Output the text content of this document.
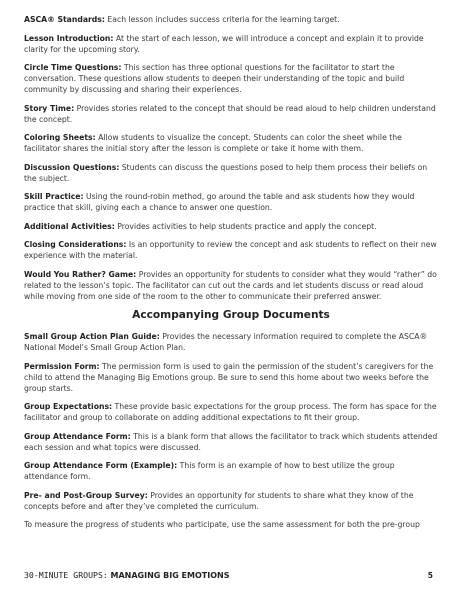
ASCA® Standards: Each lesson includes success criteria for the learning target.

Lesson Introduction: At the start of each lesson, we will introduce a concept and explain it to provide clarity for the upcoming story.

Circle Time Questions: This section has three optional questions for the facilitator to start the conversation. These questions allow students to deepen their understanding of the topic and build community by discussing and sharing their experiences.

Story Time: Provides stories related to the concept that should be read aloud to help children understand the concept.

Coloring Sheets: Allow students to visualize the concept. Students can color the sheet while the facilitator shares the initial story after the lesson is complete or take it home with them.

Discussion Questions: Students can discuss the questions posed to help them process their beliefs on the subject.

Skill Practice: Using the round-robin method, go around the table and ask students how they would practice that skill, giving each a chance to answer one question.

Additional Activities: Provides activities to help students practice and apply the concept.

Closing Considerations: Is an opportunity to review the concept and ask students to reflect on their new experience with the material.

Would You Rather? Game: Provides an opportunity for students to consider what they would “rather” do related to the lesson’s topic. The facilitator can cut out the cards and let students discuss or read aloud while moving from one side of the room to the other to communicate their preferred answer.

Accompanying Group Documents

Small Group Action Plan Guide: Provides the necessary information required to complete the ASCA® National Model’s Small Group Action Plan.

Permission Form: The permission form is used to gain the permission of the student’s caregivers for the child to attend the Managing Big Emotions group. Be sure to send this home about two weeks before the group starts.

Group Expectations: These provide basic expectations for the group process. The form has space for the facilitator and group to collaborate on adding additional expectations to fit their group.

Group Attendance Form: This is a blank form that allows the facilitator to track which students attended each session and what topics were discussed.

Group Attendance Form (Example): This form is an example of how to best utilize the group attendance form.

Pre- and Post-Group Survey: Provides an opportunity for students to share what they know of the concepts before and after they’ve completed the curriculum.

To measure the progress of students who participate, use the same assessment for both the pre-group

30-MINUTE GROUPS: MANAGING BIG EMOTIONS	5
